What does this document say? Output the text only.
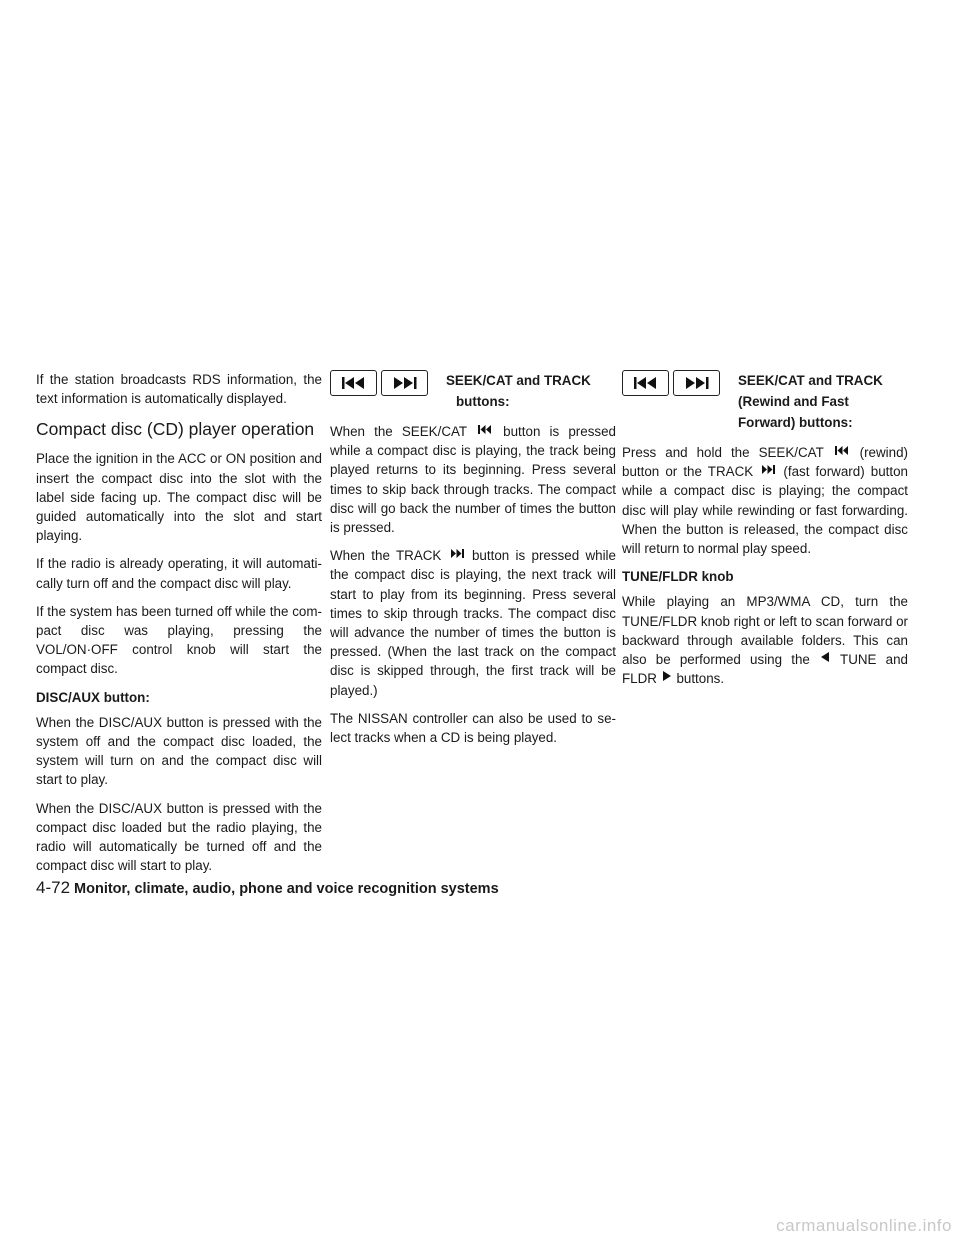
If the station broadcasts RDS information, the text information is automatically displayed.

Compact disc (CD) player operation

Place the ignition in the ACC or ON position and insert the compact disc into the slot with the label side facing up. The compact disc will be guided automatically into the slot and start playing.

If the radio is already operating, it will automati- cally turn off and the compact disc will play.

If the system has been turned off while the com- pact disc was playing, pressing the VOL/ON·OFF control knob will start the compact disc.

DISC/AUX button:

When the DISC/AUX button is pressed with the system off and the compact disc loaded, the system will turn on and the compact disc will start to play.

When the DISC/AUX button is pressed with the compact disc loaded but the radio playing, the radio will automatically be turned off and the compact disc will start to play.

SEEK/CAT and TRACK
buttons:

When the SEEK/CAT	button is pressed while a compact disc is playing, the track being played returns to its beginning. Press several times to skip back through tracks. The compact disc will go back the number of times the button is pressed.

When the TRACK button is pressed while the compact disc is playing, the next track will start to play from its beginning. Press several times to skip through tracks. The compact disc will advance the number of times the button is pressed. (When the last track on the compact disc is skipped through, the first track will be played.)

The NISSAN controller can also be used to se- lect tracks when a CD is being played.

SEEK/CAT and TRACK
(Rewind and Fast
Forward) buttons:

Press and hold the SEEK/CAT	(rewind) button or the TRACK (fast forward) button while a compact disc is playing; the compact disc will play while rewinding or fast forwarding. When the button is released, the compact disc will return to normal play speed.

TUNE/FLDR knob

While playing an MP3/WMA CD, turn the TUNE/FLDR knob right or left to scan forward or backward through available folders. This can also be performed using the TUNE and FLDR buttons.

4-72 Monitor, climate, audio, phone and voice recognition systems
carmanualsonline.info
